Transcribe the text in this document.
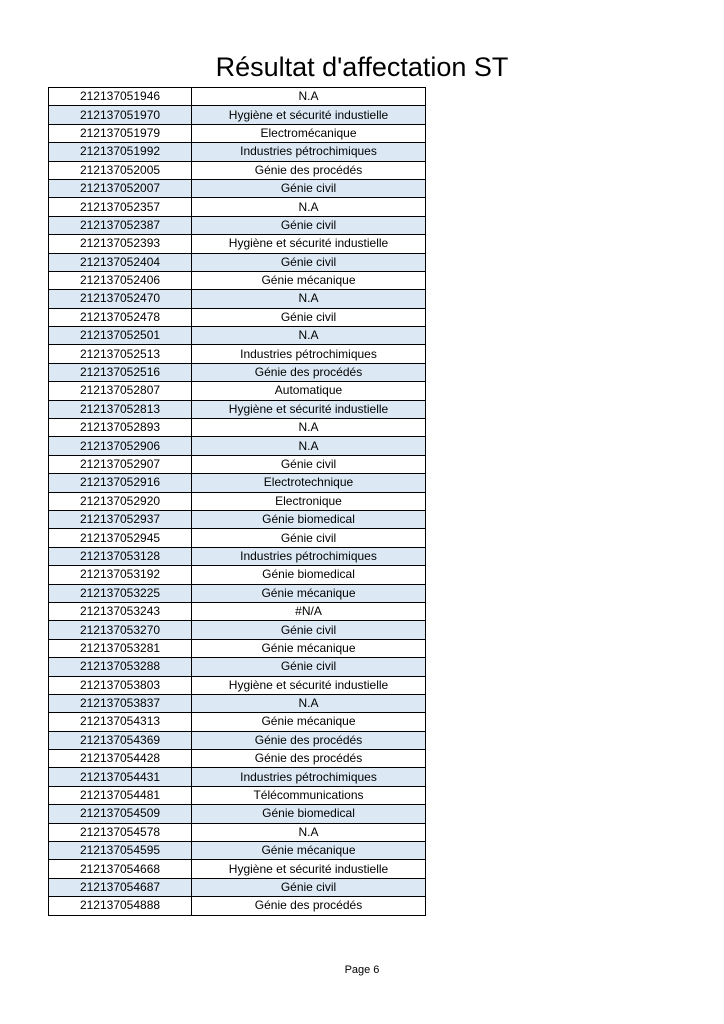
Résultat d'affectation ST
212137051946	N.A
212137051970	Hygiène et sécurité industielle
212137051979	Electromécanique
212137051992	Industries pétrochimiques
212137052005	Génie des procédés
212137052007	Génie civil
212137052357	N.A
212137052387	Génie civil
212137052393	Hygiène et sécurité industielle
212137052404	Génie civil
212137052406	Génie mécanique
212137052470	N.A
212137052478	Génie civil
212137052501	N.A
212137052513	Industries pétrochimiques
212137052516	Génie des procédés
212137052807	Automatique
212137052813	Hygiène et sécurité industielle
212137052893	N.A
212137052906	N.A
212137052907	Génie civil
212137052916	Electrotechnique
212137052920	Electronique
212137052937	Génie biomedical
212137052945	Génie civil
212137053128	Industries pétrochimiques
212137053192	Génie biomedical
212137053225	Génie mécanique
212137053243	#N/A
212137053270	Génie civil
212137053281	Génie mécanique
212137053288	Génie civil
212137053803	Hygiène et sécurité industielle
212137053837	N.A
212137054313	Génie mécanique
212137054369	Génie des procédés
212137054428	Génie des procédés
212137054431	Industries pétrochimiques
212137054481	Télécommunications
212137054509	Génie biomedical
212137054578	N.A
212137054595	Génie mécanique
212137054668	Hygiène et sécurité industielle
212137054687	Génie civil
212137054888	Génie des procédés
Page 6
